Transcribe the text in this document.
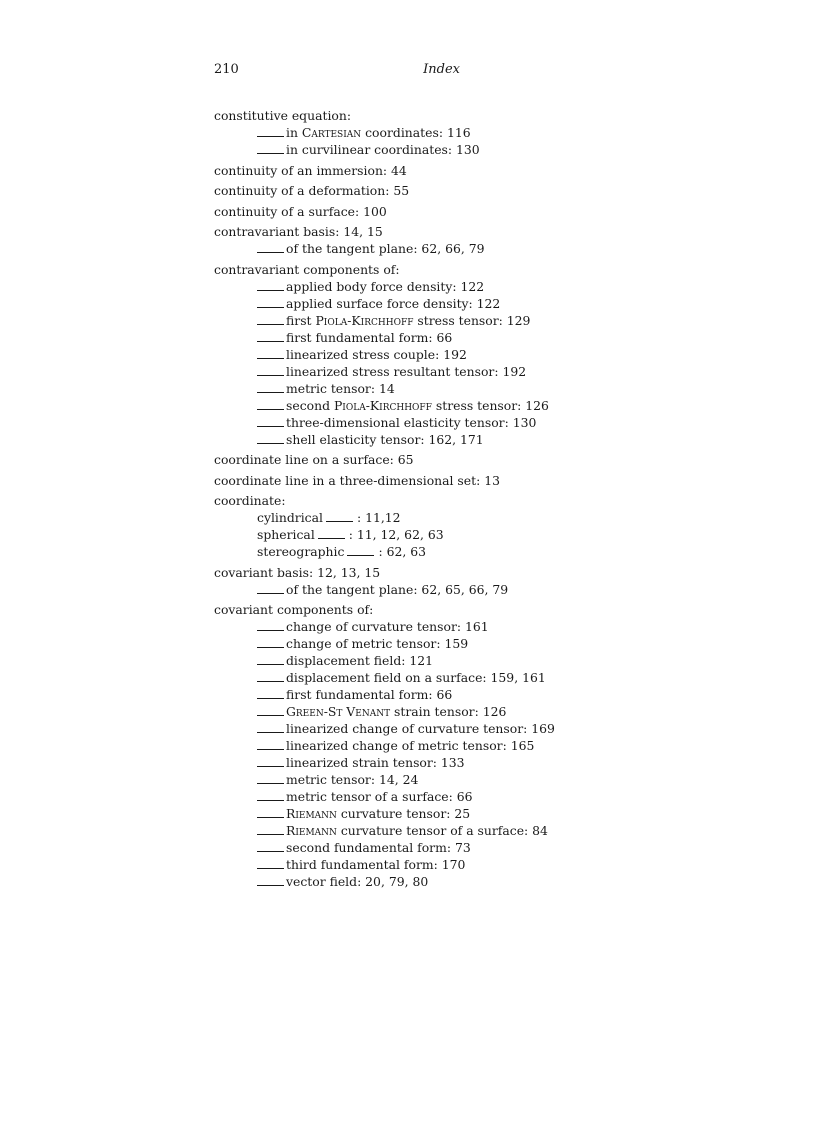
210	Index
constitutive equation:
in Cartesian coordinates: 116
in curvilinear coordinates: 130
continuity of an immersion: 44
continuity of a deformation: 55
continuity of a surface: 100
contravariant basis: 14, 15
of the tangent plane: 62, 66, 79
contravariant components of:
applied body force density: 122
applied surface force density: 122
first Piola-Kirchhoff stress tensor: 129
first fundamental form: 66
linearized stress couple: 192
linearized stress resultant tensor: 192
metric tensor: 14
second Piola-Kirchhoff stress tensor: 126
three-dimensional elasticity tensor: 130
shell elasticity tensor: 162, 171
coordinate line on a surface: 65
coordinate line in a three-dimensional set: 13
coordinate:
cylindrical	: 11,12
spherical	: 11, 12, 62, 63
stereographic	: 62, 63
covariant basis: 12, 13, 15
of the tangent plane: 62, 65, 66, 79
covariant components of:
change of curvature tensor: 161
change of metric tensor: 159
displacement field: 121
displacement field on a surface: 159, 161
first fundamental form: 66
Green-St Venant strain tensor: 126
linearized change of curvature tensor: 169
linearized change of metric tensor: 165
linearized strain tensor: 133
metric tensor: 14, 24
metric tensor of a surface: 66
Riemann curvature tensor: 25
Riemann curvature tensor of a surface: 84
second fundamental form: 73
third fundamental form: 170
vector field: 20, 79, 80
